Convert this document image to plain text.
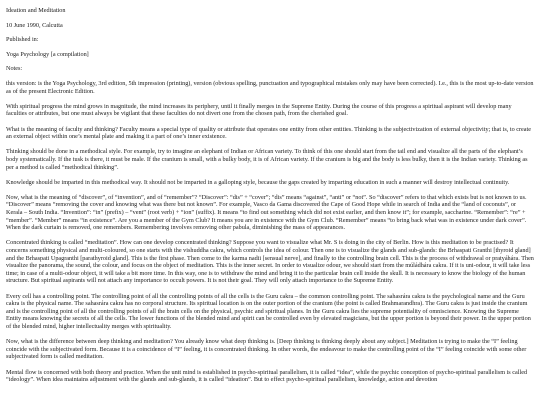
Ideation and Meditation
10 June 1990, Calcutta
Published in:
Yoga Psychology [a compilation]
Notes:

this version: is the Yoga Psychology, 3rd edition, 5th impression (printing), version (obvious spelling, punctuation and typographical mistakes only may have been corrected). I.e., this is the most up-to-date version as of the present Electronic Edition.

With spiritual progress the mind grows in magnitude, the mind increases its periphery, until it finally merges in the Supreme Entity. During the course of this progress a spiritual aspirant will develop many faculties or attributes, but one must always be vigilant that these faculties do not divert one from the chosen path, from the cherished goal.

What is the meaning of faculty and thinking? Faculty means a special type of quality or attribute that operates one entity from other entities. Thinking is the subjectivization of external objectivity; that is, to create an external object within one’s mental plate and making it a part of one’s inner existence.

Thinking should be done in a methodical style. For example, try to imagine an elephant of Indian or African variety. To think of this one should start from the tail end and visualize all the parts of the elephant’s body systematically. If the tusk is there, it must be male. If the cranium is small, with a bulky body, it is of African variety. If the cranium is big and the body is less bulky, then it is the Indian variety. Thinking as per a method is called “methodical thinking”.

Knowledge should be imparted in this methodical way. It should not be imparted in a galloping style, because the gaps created by imparting education in such a manner will destroy intellectual continuity.

Now, what is the meaning of “discover”, of “invention”, and of “remember”? “Discover”: “dis” + “cover”; “dis” means “against”, “anti” or “not”. So “discover” refers to that which exists but is not known to us. “Discover” means “removing the cover and knowing what was there but not known”. For example, Vasco da Gama discovered the Cape of Good Hope while in search of India and the “land of coconuts”, or Kerala – South India. “Invention”: “in” (prefix) – “vent” (root verb) + “ion” (suffix). It means “to find out something which did not exist earlier, and then know it”; for example, saccharine. “Remember”: “re” + “member”. “Member” means “in existence”. Are you a member of the Gym Club? It means you are in existence with the Gym Club. “Remember” means “to bring back what was in existence under dark cover”. When the dark curtain is removed, one remembers. Remembering involves removing other pabula, diminishing the mass of appearances.

Concentrated thinking is called “meditation”. How can one develop concentrated thinking? Suppose you want to visualize what Mr. S is doing in the city of Berlin. How is this meditation to be practised? It concerns something physical and multi-coloured, so one starts with the vishuddha cakra, which controls the idea of colour. Then one is to visualize the glands and sub-glands: the Brhaspati Granthi [thyroid gland] and the Brhaspati Upagranthi [parathyroid gland]. This is the first phase. Then come to the karma nadii [sensual nerve], and finally to the controlling brain cell. This is the process of withdrawal or pratyáhára. Then visualize the panorama, the sound, the colour, and focus on the object of meditation. This is the inner secret. In order to visualize odour, we should start from the múládhára cakra. If it is uni-odour, it will take less time; in case of a multi-odour object, it will take a bit more time. In this way, one is to withdraw the mind and bring it to the particular brain cell inside the skull. It is necessary to know the biology of the human structure. But spiritual aspirants will not attach any importance to occult powers. It is not their goal. They will only attach importance to the Supreme Entity.

Every cell has a controlling point. The controlling point of all the controlling points of all the cells is the Guru cakra – the common controlling point. The sahasrára cakra is the psychological name and the Guru cakra is the physical name. The sahasrára cakra has no corporal structure. Its spiritual location is on the outer portion of the cranium (the point is called Brahmarandhra). The Guru cakra is just inside the cranium and is the controlling point of all the controlling points of all the brain cells on the physical, psychic and spiritual planes. In the Guru cakra lies the supreme potentiality of omniscience. Knowing the Supreme Entity means knowing the secrets of all the cells. The lower functions of the blended mind and spirit can be controlled even by elevated magicians, but the upper portion is beyond their power. In the upper portion of the blended mind, higher intellectuality merges with spirituality.

Now, what is the difference between deep thinking and meditation? You already know what deep thinking is. [Deep thinking is thinking deeply about any subject.] Meditation is trying to make the “I” feeling coincide with the subjectivated form. Because it is a coincidence of “I” feeling, it is concentrated thinking. In other words, the endeavour to make the controlling point of the “I” feeling coincide with some other subjectivated form is called meditation.

Mental flow is concerned with both theory and practice. When the unit mind is established in psycho-spiritual parallelism, it is called “idea”, while the psychic conception of psycho-spiritual parallelism is called “ideology”. When idea maintains adjustment with the glands and sub-glands, it is called “ideation”. But to effect psycho-spiritual parallelism, knowledge, action and devotion
